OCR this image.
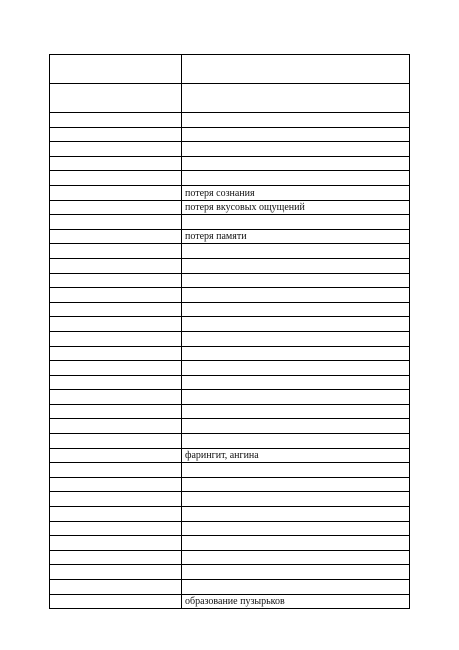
	потеря сознания
	потеря вкусовых ощущений

	потеря памяти

	фарингит, ангина

	образование пузырьков
